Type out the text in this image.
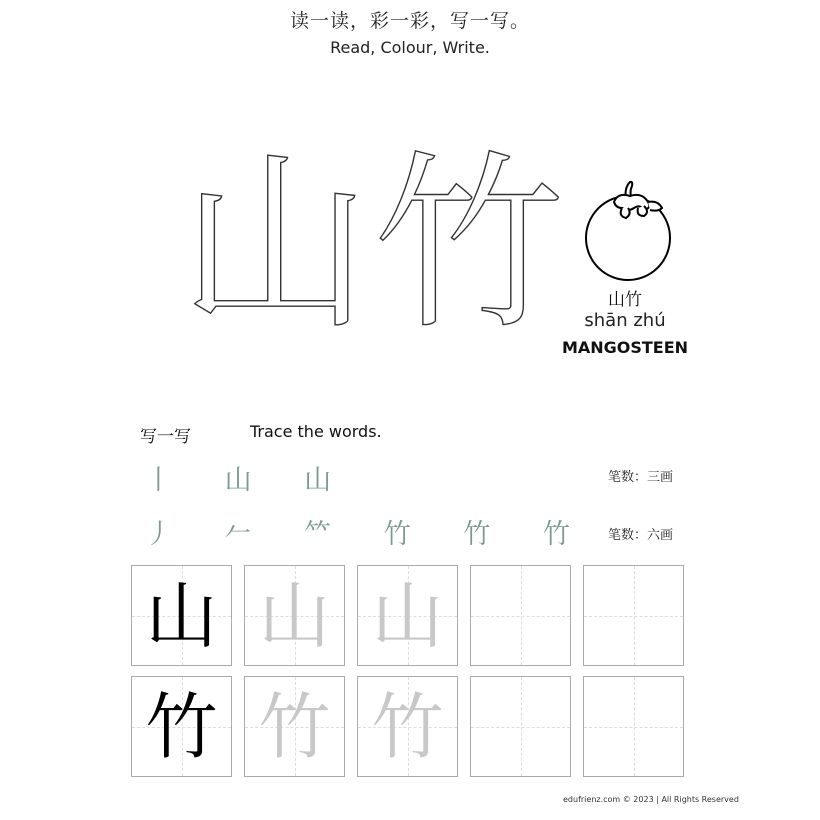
读一读，彩一彩，写一写。
Read, Colour, Write.
山竹	山竹
shān zhú
MANGOSTEEN
写一写	Trace the words.
丨 山 山	笔数：三画
丿 𠂉 𥫗 竹 竹 竹 笔数：六画
山 山 山
竹 竹 竹
edufrienz.com © 2023 | All Rights Reserved
